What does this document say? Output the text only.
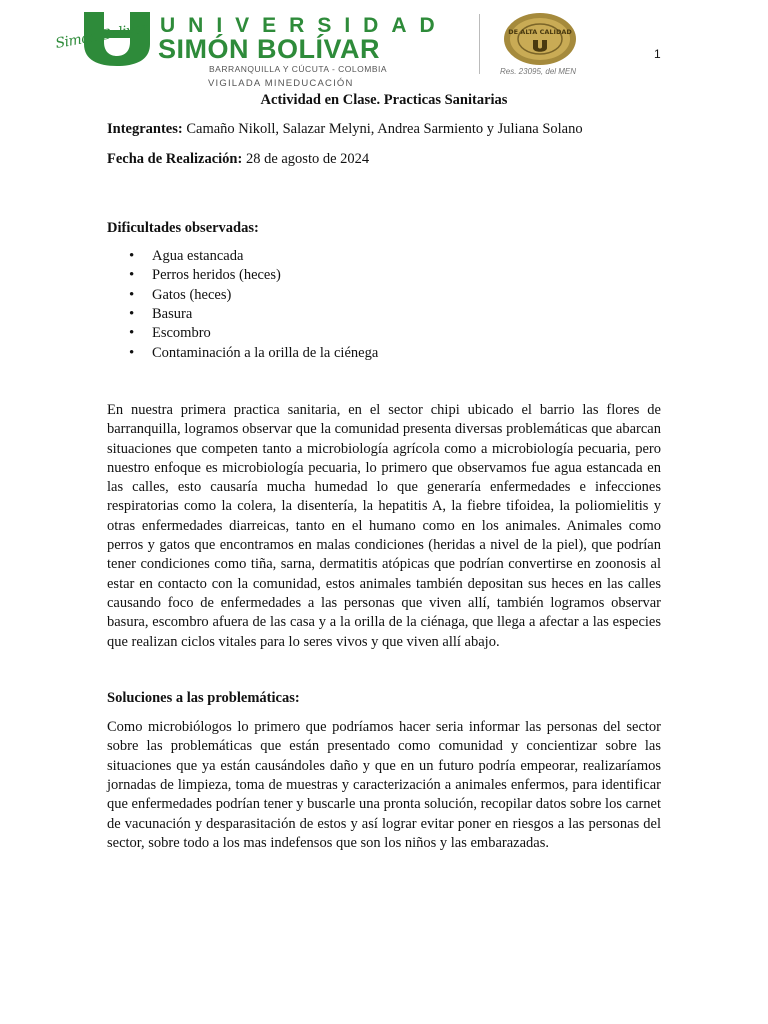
Simon Bolivar UNIVERSIDAD
SIMÓN BOLÍVAR
BARRANQUILLA Y CÚCUTA - COLOMBIA
VIGILADA MINEDUCACIÓN
DE ALTA CALIDAD
Res. 23095, del MEN
1

Actividad en Clase. Practicas Sanitarias

Integrantes: Camaño Nikoll, Salazar Melyni, Andrea Sarmiento y Juliana Solano

Fecha de Realización: 28 de agosto de 2024

Dificultades observadas:

• Agua estancada
• Perros heridos (heces)
• Gatos (heces)
• Basura
• Escombro
• Contaminación a la orilla de la ciénega

En nuestra primera practica sanitaria, en el sector chipi ubicado el barrio las flores de barranquilla, logramos observar que la comunidad presenta diversas problemáticas que abarcan situaciones que competen tanto a microbiología agrícola como a microbiología pecuaria, pero nuestro enfoque es microbiología pecuaria, lo primero que observamos fue agua estancada en las calles, esto causaría mucha humedad lo que generaría enfermedades e infecciones respiratorias como la colera, la disentería, la hepatitis A, la fiebre tifoidea, la poliomielitis y otras enfermedades diarreicas, tanto en el humano como en los animales. Animales como perros y gatos que encontramos en malas condiciones (heridas a nivel de la piel), que podrían tener condiciones como tiña, sarna, dermatitis atópicas que podrían convertirse en zoonosis al estar en contacto con la comunidad, estos animales también depositan sus heces en las calles causando foco de enfermedades a las personas que viven allí, también logramos observar basura, escombro afuera de las casa y a la orilla de la ciénaga, que llega a afectar a las especies que realizan ciclos vitales para lo seres vivos y que viven allí abajo.

Soluciones a las problemáticas:

Como microbiólogos lo primero que podríamos hacer seria informar las personas del sector sobre las problemáticas que están presentado como comunidad y concientizar sobre las situaciones que ya están causándoles daño y que en un futuro podría empeorar, realizaríamos jornadas de limpieza, toma de muestras y caracterización a animales enfermos, para identificar que enfermedades podrían tener y buscarle una pronta solución, recopilar datos sobre los carnet de vacunación y desparasitación de estos y así lograr evitar poner en riesgos a las personas del sector, sobre todo a los mas indefensos que son los niños y las embarazadas.
